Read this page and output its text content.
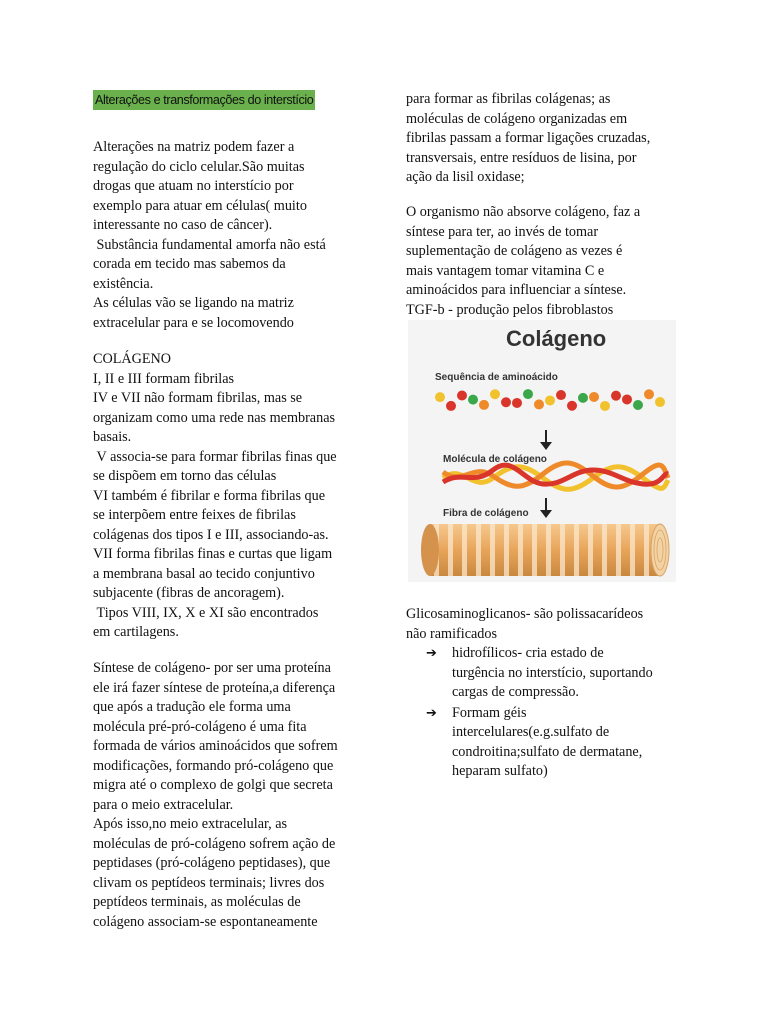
Alterações e transformações do interstício

Alterações na matriz podem fazer a
regulação do ciclo celular.São muitas
drogas que atuam no interstício por
exemplo para atuar em células( muito
interessante no caso de câncer).
Substância fundamental amorfa não está
corada em tecido mas sabemos da
existência.
As células vão se ligando na matriz
extracelular para e se locomovendo

COLÁGENO
I, II e III formam fibrilas
IV e VII não formam fibrilas, mas se
organizam como uma rede nas membranas
basais.
V associa-se para formar fibrilas finas que
se dispõem em torno das células
VI também é fibrilar e forma fibrilas que
se interpõem entre feixes de fibrilas
colágenas dos tipos I e III, associando-as.
VII forma fibrilas finas e curtas que ligam
a membrana basal ao tecido conjuntivo
subjacente (fibras de ancoragem).
Tipos VIII, IX, X e XI são encontrados
em cartilagens.

Síntese de colágeno- por ser uma proteína
ele irá fazer síntese de proteína,a diferença
que após a tradução ele forma uma
molécula pré-pró-colágeno é uma fita
formada de vários aminoácidos que sofrem
modificações, formando pró-colágeno que
migra até o complexo de golgi que secreta
para o meio extracelular.
Após isso,no meio extracelular, as
moléculas de pró-colágeno sofrem ação de
peptidases (pró-colágeno peptidases), que
clivam os peptídeos terminais; livres dos
peptídeos terminais, as moléculas de
colágeno associam-se espontaneamente

para formar as fibrilas colágenas; as
moléculas de colágeno organizadas em
fibrilas passam a formar ligações cruzadas,
transversais, entre resíduos de lisina, por
ação da lisil oxidase;

O organismo não absorve colágeno, faz a
síntese para ter, ao invés de tomar
suplementação de colágeno as vezes é
mais vantagem tomar vitamina C e
aminoácidos para influenciar a síntese.
TGF-b - produção pelos fibroblastos

Glicosaminoglicanos- são polissacarídeos
não ramificados

➔ hidrofílicos- cria estado de
turgência no interstício, suportando
cargas de compressão.
➔ Formam géis
intercelulares(e.g.sulfato de
condroitina;sulfato de dermatane,
heparam sulfato)
Colágeno
Sequência de aminoácido
Molécula de colágeno
Fibra de colágeno
